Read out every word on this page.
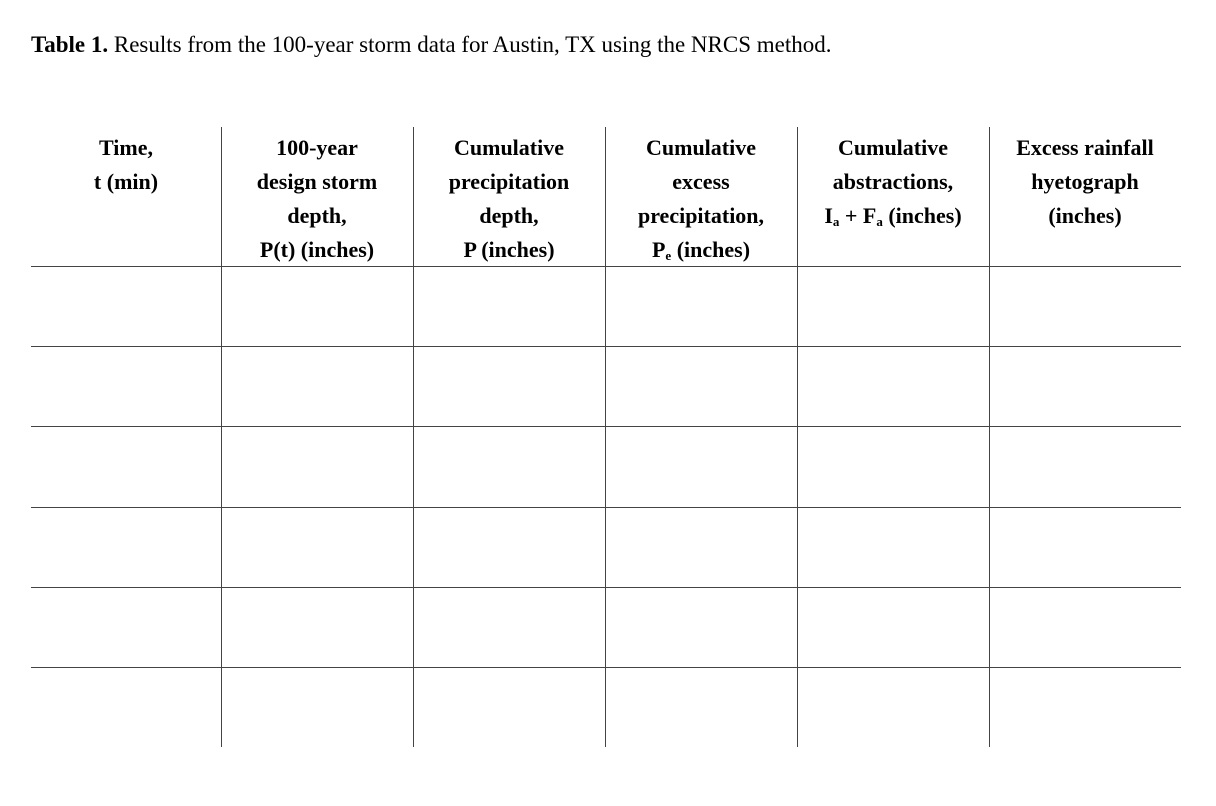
Table 1. Results from the 100-year storm data for Austin, TX using the NRCS method.
Time,
t (min)
100-year
design storm
depth,
P(t) (inches)
Cumulative
precipitation
depth,
P (inches)
Cumulative
excess
precipitation,
$P_e$ (inches)
Cumulative
abstractions,
$I_a + F_a$ (inches)
Excess rainfall
hyetograph
(inches)
